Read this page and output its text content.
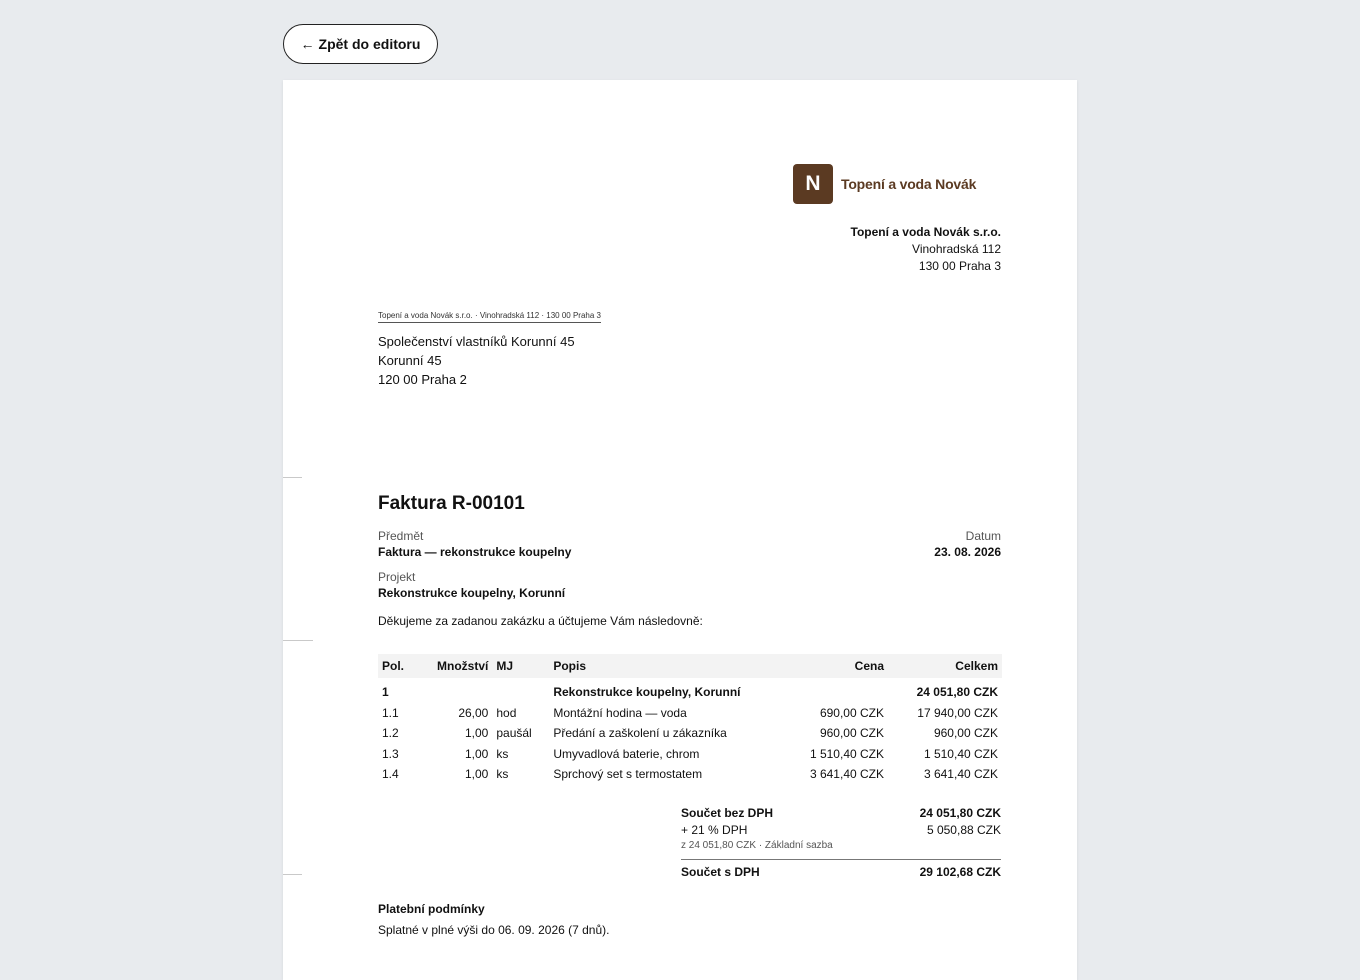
← Zpět do editoru
N	Topení a voda Novák
Topení a voda Novák s.r.o.
Vinohradská 112
130 00 Praha 3
Topení a voda Novák s.r.o. · Vinohradská 112 · 130 00 Praha 3
Společenství vlastníků Korunní 45
Korunní 45
120 00 Praha 2
Faktura R-00101
Předmět
Faktura — rekonstrukce koupelny
Datum
23. 08. 2026
Projekt
Rekonstrukce koupelny, Korunní
Děkujeme za zadanou zakázku a účtujeme Vám následovně:
Pol.	Množství	MJ	Popis	Cena	Celkem
1			Rekonstrukce koupelny, Korunní		24 051,80 CZK
1.1	26,00	hod	Montážní hodina — voda	690,00 CZK	17 940,00 CZK
1.2	1,00	paušál	Předání a zaškolení u zákazníka	960,00 CZK	960,00 CZK
1.3	1,00	ks	Umyvadlová baterie, chrom	1 510,40 CZK	1 510,40 CZK
1.4	1,00	ks	Sprchový set s termostatem	3 641,40 CZK	3 641,40 CZK
Součet bez DPH	24 051,80 CZK
+ 21 % DPH	5 050,88 CZK
z 24 051,80 CZK · Základní sazba
Součet s DPH	29 102,68 CZK
Platební podmínky
Splatné v plné výši do 06. 09. 2026 (7 dnů).
